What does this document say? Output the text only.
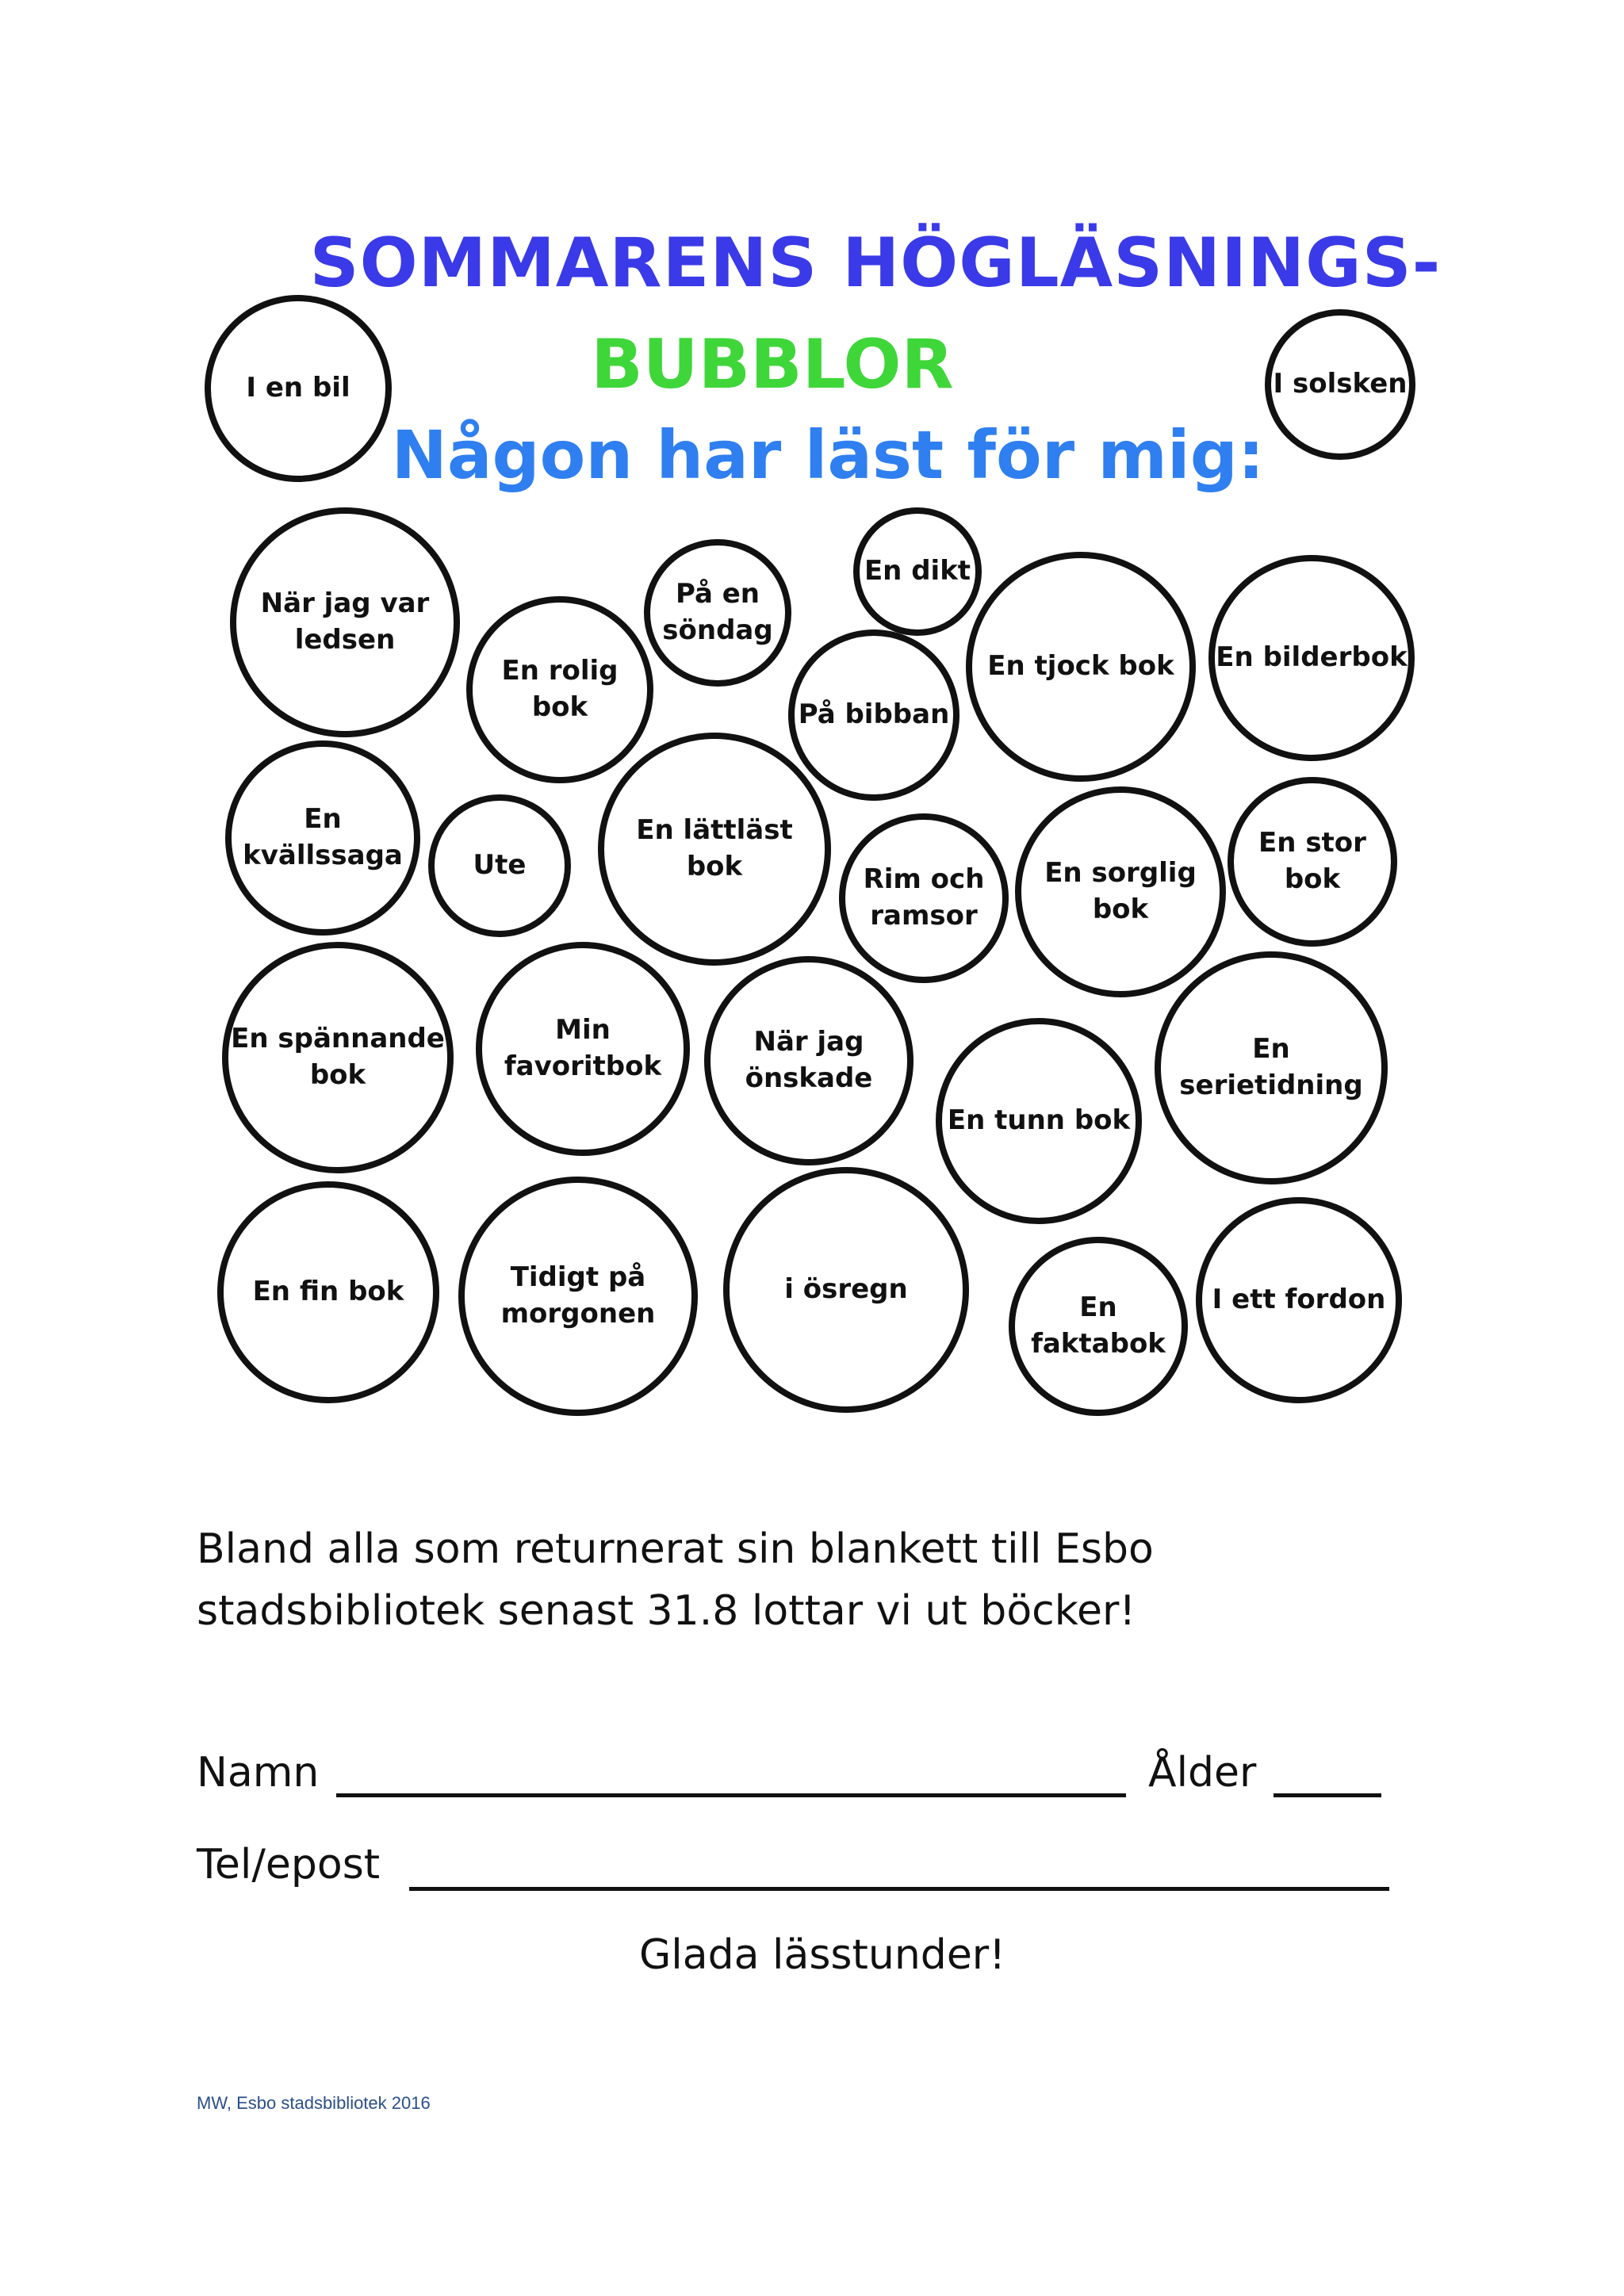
SOMMARENS HÖGLÄSNINGS-
BUBBLOR
Någon har läst för mig:
I en bil	I solsken
När jag var
ledsen
På en
söndag
En dikt
En rolig bok	På bibban
En tjock bok En bilderbok
En
kvällssaga	Ute
En lättläst bok	Rim och
ramsor
En sorglig
bok
En stor bok
En spännande
bok
Min
favoritbok
När jag
önskade
En tunn bok
En
serietidning
En fin bok	Tidigt på
morgonen
i ösregn
En
faktabok
I ett fordon

Bland alla som returnerat sin blankett till Esbo

stadsbibliotek senast 31.8 lottar vi ut böcker!

Namn	Ålder

Tel/epost

Glada lässtunder!

MW, Esbo stadsbibliotek 2016
